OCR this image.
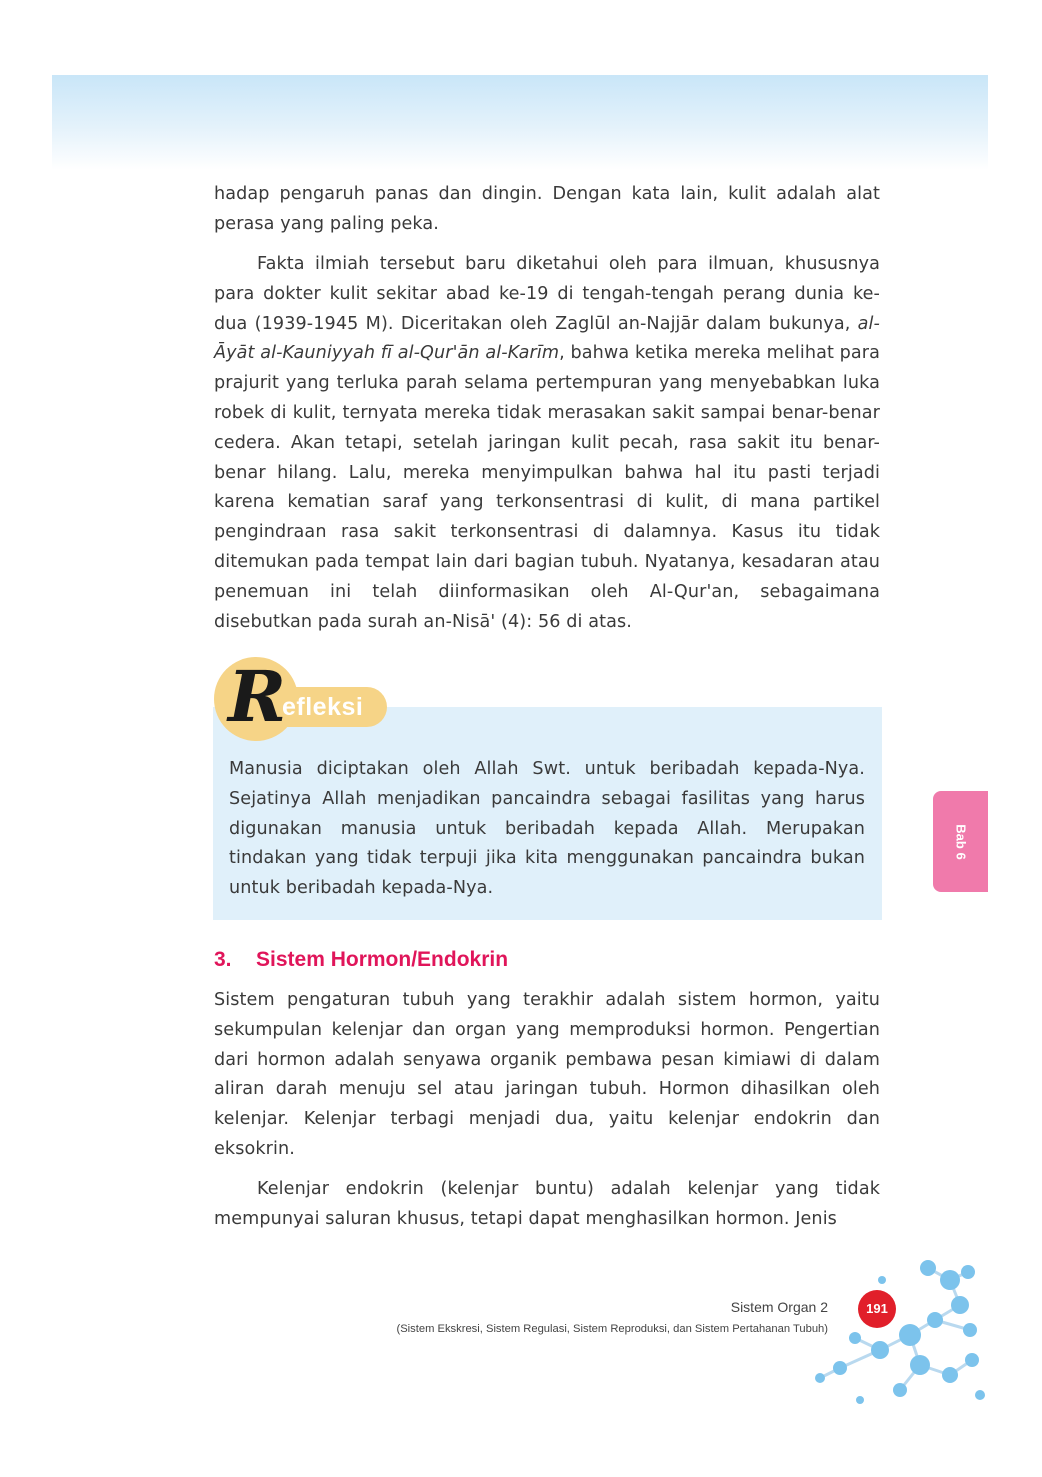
hadap pengaruh panas dan dingin. Dengan kata lain, kulit adalah alat perasa yang paling peka.

Fakta ilmiah tersebut baru diketahui oleh para ilmuan, khususnya para dokter kulit sekitar abad ke-19 di tengah-tengah perang dunia ke-dua (1939-1945 M). Diceritakan oleh Zaglūl an-Najjār dalam bukunya, al-Āyāt al-Kauniyyah fī al-Qur'ān al-Karīm, bahwa ketika mereka melihat para prajurit yang terluka parah selama pertempuran yang menyebabkan luka robek di kulit, ternyata mereka tidak merasakan sakit sampai benar-benar cedera. Akan tetapi, setelah jaringan kulit pecah, rasa sakit itu benar-benar hilang. Lalu, mereka menyimpulkan bahwa hal itu pasti terjadi karena kematian saraf yang terkonsentrasi di kulit, di mana partikel pengindraan rasa sakit terkonsentrasi di dalamnya. Kasus itu tidak ditemukan pada tempat lain dari bagian tubuh. Nyatanya, kesadaran atau penemuan ini telah diinformasikan oleh Al-Qur'an, sebagaimana disebutkan pada surah an-Nisā' (4): 56 di atas.

R
efleksi

Manusia diciptakan oleh Allah Swt. untuk beribadah kepada-Nya. Sejatinya Allah menjadikan pancaindra sebagai fasilitas yang harus digunakan manusia untuk beribadah kepada Allah. Merupakan tindakan yang tidak terpuji jika kita menggunakan pancaindra bukan untuk beribadah kepada-Nya.

3. Sistem Hormon/Endokrin

Sistem pengaturan tubuh yang terakhir adalah sistem hormon, yaitu sekumpulan kelenjar dan organ yang memproduksi hormon. Pengertian dari hormon adalah senyawa organik pembawa pesan kimiawi di dalam aliran darah menuju sel atau jaringan tubuh. Hormon dihasilkan oleh kelenjar. Kelenjar terbagi menjadi dua, yaitu kelenjar endokrin dan eksokrin.

Kelenjar endokrin (kelenjar buntu) adalah kelenjar yang tidak mempunyai saluran khusus, tetapi dapat menghasilkan hormon. Jenis

Bab 6
Sistem Organ 2
(Sistem Ekskresi, Sistem Regulasi, Sistem Reproduksi, dan Sistem Pertahanan Tubuh)
191
